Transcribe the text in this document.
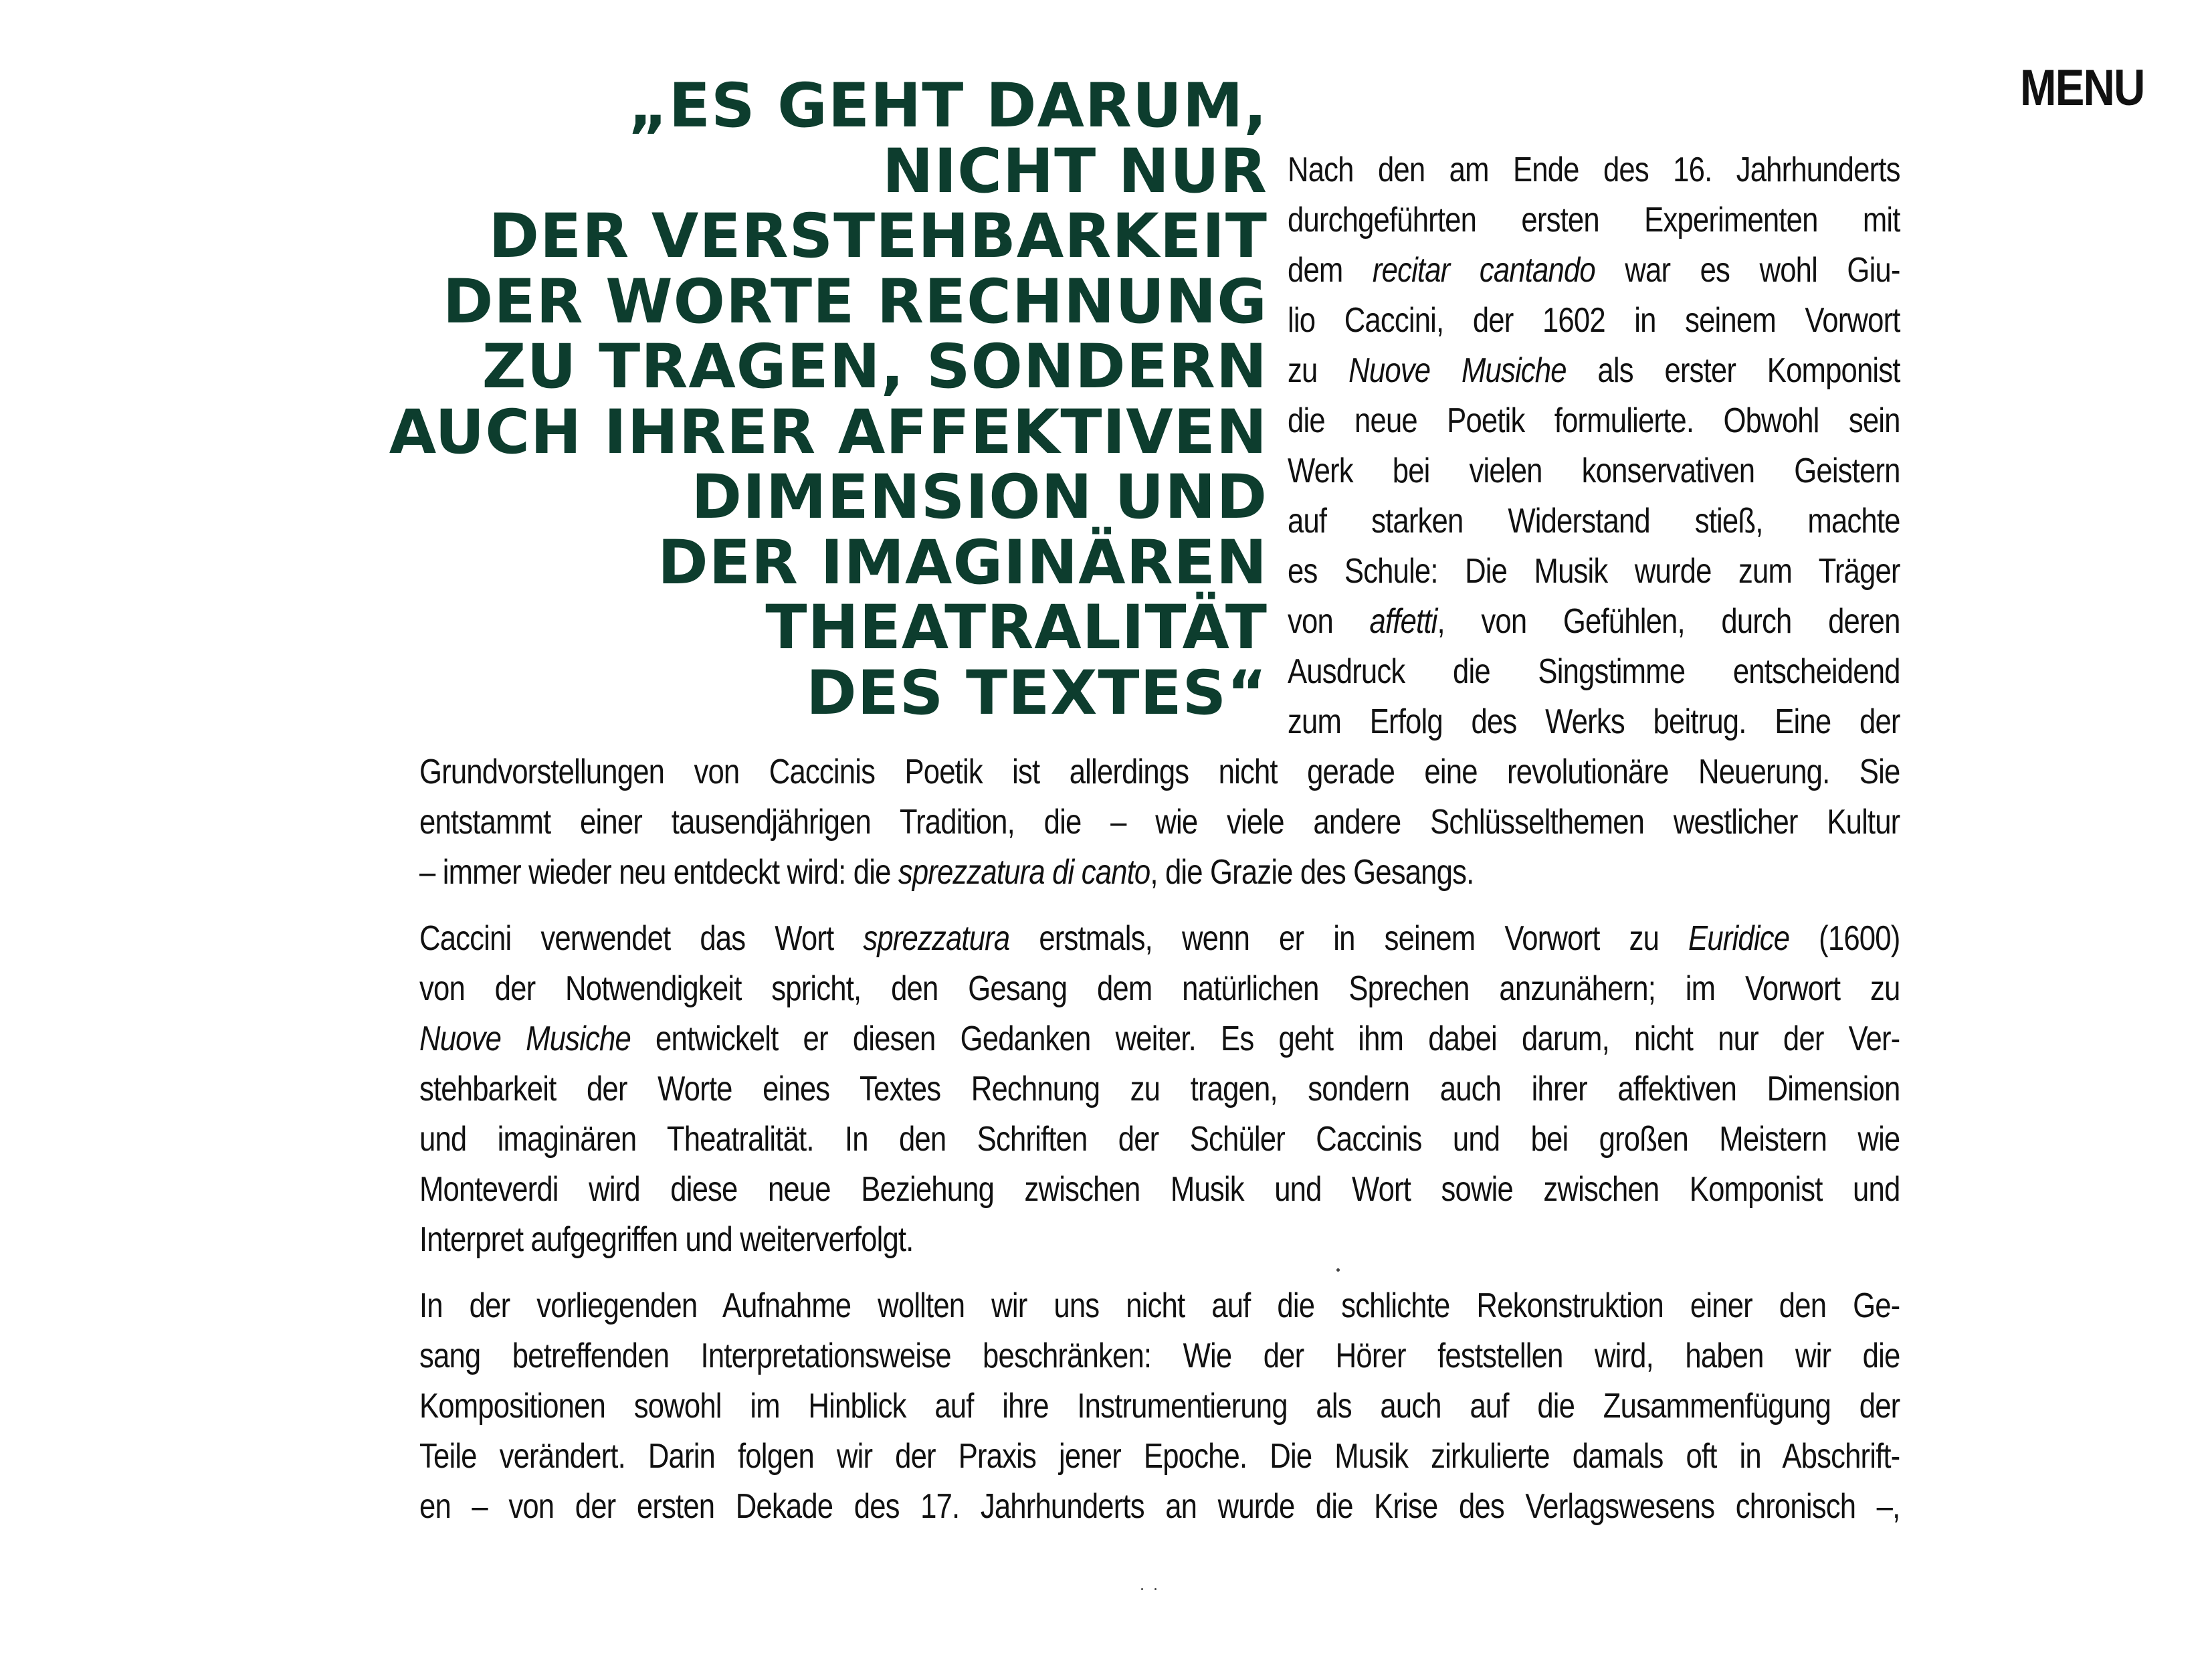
MENU
„ES GEHT DARUM,
NICHT NUR
DER VERSTEHBARKEIT
DER WORTE RECHNUNG
ZU TRAGEN, SONDERN
AUCH IHRER AFFEKTIVEN
DIMENSION UND
DER IMAGINÄREN
THEATRALITÄT
DES TEXTES“
Nach den am Ende des 16. Jahrhunderts
durchgeführten ersten Experimenten mit
dem recitar cantando war es wohl Giu-
lio Caccini, der 1602 in seinem Vorwort
zu Nuove Musiche als erster Komponist
die neue Poetik formulierte. Obwohl sein
Werk bei vielen konservativen Geistern
auf starken Widerstand stieß, machte
es Schule: Die Musik wurde zum Träger
von affetti, von Gefühlen, durch deren
Ausdruck die Singstimme entscheidend
zum Erfolg des Werks beitrug. Eine der
Grundvorstellungen von Caccinis Poetik ist allerdings nicht gerade eine revolutionäre Neuerung. Sie
entstammt einer tausendjährigen Tradition, die – wie viele andere Schlüsselthemen westlicher Kultur
– immer wieder neu entdeckt wird: die sprezzatura di canto, die Grazie des Gesangs.
Caccini verwendet das Wort sprezzatura erstmals, wenn er in seinem Vorwort zu Euridice (1600)
von der Notwendigkeit spricht, den Gesang dem natürlichen Sprechen anzunähern; im Vorwort zu
Nuove Musiche entwickelt er diesen Gedanken weiter. Es geht ihm dabei darum, nicht nur der Ver-
stehbarkeit der Worte eines Textes Rechnung zu tragen, sondern auch ihrer affektiven Dimension
und imaginären Theatralität. In den Schriften der Schüler Caccinis und bei großen Meistern wie
Monteverdi wird diese neue Beziehung zwischen Musik und Wort sowie zwischen Komponist und
Interpret aufgegriffen und weiterverfolgt.
In der vorliegenden Aufnahme wollten wir uns nicht auf die schlichte Rekonstruktion einer den Ge-
sang betreffenden Interpretationsweise beschränken: Wie der Hörer feststellen wird, haben wir die
Kompositionen sowohl im Hinblick auf ihre Instrumentierung als auch auf die Zusammenfügung der
Teile verändert. Darin folgen wir der Praxis jener Epoche. Die Musik zirkulierte damals oft in Abschrift-
en – von der ersten Dekade des 17. Jahrhunderts an wurde die Krise des Verlagswesens chronisch –,
